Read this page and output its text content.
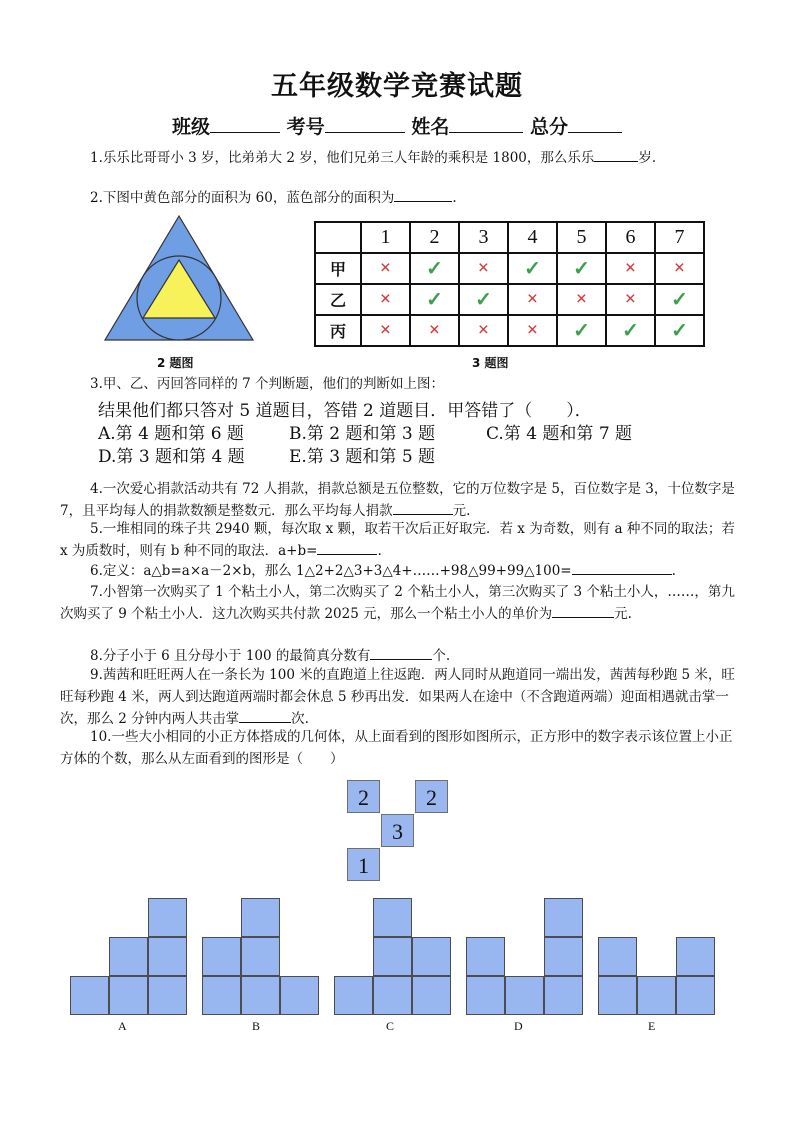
五年级数学竞赛试题
班级	考号	姓名	总分
1.乐乐比哥哥小 3 岁，比弟弟大 2 岁，他们兄弟三人年龄的乘积是 1800，那么乐乐	岁.
2.下图中黄色部分的面积为 60，蓝色部分的面积为	.
2 题图
	1	2	3	4	5	6	7
甲	×	✓	×	✓	✓	×	×
乙	×	✓	✓	×	×	×	✓
丙	×	×	×	×	✓	✓	✓
3 题图
3.甲、乙、丙回答同样的 7 个判断题，他们的判断如上图：
结果他们都只答对 5 道题目，答错 2 道题目．甲答错了（　　）．
A.第 4 题和第 6 题	B.第 2 题和第 3 题	C.第 4 题和第 7 题
D.第 3 题和第 4 题	E.第 3 题和第 5 题
4.一次爱心捐款活动共有 72 人捐款，捐款总额是五位整数，它的万位数字是 5，百位数字是 3，十位数字是 7，且平均每人的捐款数额是整数元．那么平均每人捐款	元.
5.一堆相同的珠子共 2940 颗，每次取 x 颗，取若干次后正好取完．若 x 为奇数，则有 a 种不同的取法；若 x 为质数时，则有 b 种不同的取法．a+b=	.
6.定义：a△b=a×a－2×b，那么 1△2+2△3+3△4+……+98△99+99△100=	.
7.小智第一次购买了 1 个粘土小人，第二次购买了 2 个粘土小人，第三次购买了 3 个粘土小人，……，第九次购买了 9 个粘土小人．这九次购买共付款 2025 元，那么一个粘土小人的单价为	元.
8.分子小于 6 且分母小于 100 的最简真分数有	个.
9.茜茜和旺旺两人在一条长为 100 米的直跑道上往返跑．两人同时从跑道同一端出发，茜茜每秒跑 5 米，旺旺每秒跑 4 米，两人到达跑道两端时都会休息 5 秒再出发．如果两人在途中（不含跑道两端）迎面相遇就击掌一次，那么 2 分钟内两人共击掌	次.
10.一些大小相同的小正方体搭成的几何体，从上面看到的图形如图所示，正方形中的数字表示该位置上小正方体的个数，那么从左面看到的图形是（　　）
2	2
3
1
A	B	C	D	E
